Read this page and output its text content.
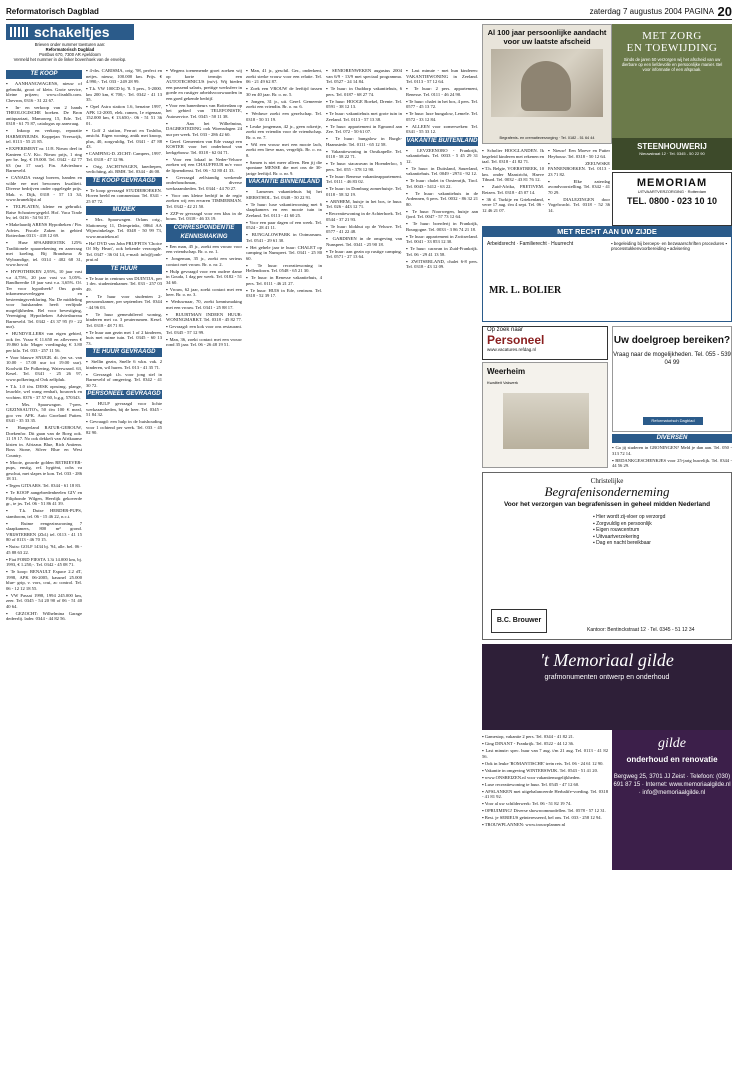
Reformatorisch Dagblad	zaterdag 7 augustus 2004 PAGINA 20
schakeltjes
Brieven onder nummer toesturen aan:
Reformatorisch Dagblad
Postbus 670, 7300 AR Apeldoorn
Vermeld het nummer in de linker bovenhoek van de envelop.
TE KOOP

▪ AANHANGWAGENS, nieuw of gebruikt, groot of klein. Grote service, kleine prijzen; www.clisnhlb.com. Chevron, 0316 - 31 22 67.

▪ In- en verkoop van 2 hands THEOLOGISCHE boeken. De Bron antiquariaat, Mamaweg 15, Ede. Tel. 0318 - 61 75 87, catalogus op aanvraag.

▪ Inkoop en verkoop, reparatie HARMONIUMS. Koppejan Vreeswijk, tel. 0113 - 55 21 85.

▪ EXPERIMENT nr. 11/8. Nieuw deel in Kanteen C.V. Ktc. Nieuw prijs, 1 ring per be. Ing. € 19.000. Tel. 0342 - 42 77 63 (na 17 uur). Fin. Adviesburo Barneveld.

▪ CANADA vraagt boeren, handen en wilde ere met bewoners kwaliteit. Diverse bedrijven onder opgelegde prijs. Mak. v. Dijk, 0318 - 57 13 34, www.bruneklijst.nl

▪ TELPLATEN, kleine en gebruikt. Raise Schouten-gegeld. Hof. Vaca Trade bv, tel. 0416 - 54 94 37.

▪ Makelaardij ARENS Hypotheken / Fin. Advies. Fiscale Zaken in gebied Rotterdam 0313 - 418 12 69.

▪ Huse SPAARBESTEK 125% Traditionele spaarrekening en aanvraag met koeling. Bij Brandsma & Wybrandige, tel. 0314 - 402 68 31, www.bov.nl

▪ HYPOTHEKEN 2,95%, 10 jaar vast v.a 4,75%, 20 jaar vast v.a 5,05%. Bandbreedte 10 jaar vast v.a. 3,65%. Of. Ter voor hypotheek? Ons gratis inkomensoverleggen en besteeningsverklaring. Nu: De middeling voor huiskanden heeft verlijnde mogelijkheden. Bel voor bevestiging, Vereniging Hypotheken Adviesbureau Barneveld. Tel. 0342 - 43 37 95 (9 - 22 uur).

▪ HUNDVILLERS van eigen gebied, ook fer. Vraar € 11.650 en afleveren € 19.860 kilo Mager voedingskg € 3.80 per kilo. Tel. 033 - 257 11 56.

▪ Voor blauwe SNIJGR. di. (en va. van 10.00 - 17.00 uur tot 19.00 uur). Koolwitt De Polkering, Waterwaard. 63, Kesel. Tel. 0341 - 25 26 97, www.polkering.nl Ook zelfpluk.

▪ T.k. 1.0 t/m. DESK opruimg. plange, leuwhle, wel wang eenhaft, bouwerk en vochten. 0376 - 37 57 60, b.g.g. 570343.

▪ Mrs. Spaarwagon. 7-pers. GEZINSAUTO's, 50 t/m 100 € meal, goo ver. APK. Auto Groeland Putten. 0341 - 35 33 35.

▪ Hangerland RATUR-GEBOUW, Doekenfor. Dit gaan van de Boeg ook. 11 19 17. No ook dekkeft van Afrikaanse kisten in. Afrizaus Blue, Rich Antienn. Boss Stone, Silver Blue en West Country.

▪ Mooie, gouwde golden RETRIEVER-pups, enstig, ref. hygiënt, ochs va geschut, met slapes te kon. Tel. 033 - 286 18 31.

▪ Tegen GITAARS. Tel. 0344 - 61 18 83.

▪ Te KOOP aangebredenbeelen GIV en Filiphonde Wilgen, Heerlijk gekoverde gr., te jrs. Tel. 06 - 51 86 41 39.

▪ T.k. Dutse HERDER-PUPS, stamboom, tel. 06 - 15 46 22, n.c.t.

▪ Ruime eengezinswoning 7 slaapkamers, 800 m² grond. VRIJSTERREN (Zld.) tel. 0113 - 41 15 80 of 0113 - 46 70 15.

▪ Nutsc GOLF 1434 bj. '94, alle. bel. 06 - 45 88 63 22.

▪ Fiat FORD FIESTA 1.3i 14.000 km, bj. 1993, € 1.250,-. Tel. 0342 - 45 08 71.

▪ Te koop: RENAULT Espace 2.2 dT, 1998, APK 06-2005, kasunel 25.000 blue- grip, v. vors, crui, ac control. Tel. 06 - 12 12 18 55.

▪ VW Passat 1998, 1994 245.000 km, zeer. Tel. 0345 - 54 20 90 of 06 - 51 40 40 64.

▪ GEZOCHT: Wilhelmina Garage dedeerlij. lader. 0344 - 44 82 56.

▪ 4-drs. CARISMA, orig. '98, perfect en netjes. nieuw, 100.000 km. Prijs. € 4.990,-. Tel. 033 - 249 28 99.

▪ T.k. VW 100CD bj. '8. 5 pers., 5-2000. km 200 km, € 700,-. Tel. 0342 - 41 13 35.

▪ Opel Astra station 1.6, benzine 1997, APK 12-2005, elek. ramen, 1e eigenaar, 152.000 km, € 13.650,-. 06 - 51 51 36 01.

▪ Golf 2 station, Ferrari en Toshiba, ansicht. Eigen woning, antik met knoop, plus, 40, zorgvuldig. Tel. 0341 - 47 88 43.

▪ CAMPING-D. ZICHT: Campers, 1997. Tel. 0318 - 47 12 96.

▪ Orig. JACHTWAGEN, knedrepen, verlichting, alt. BMH. Tel. 0344 - 46 00.

TE KOOP GEVRAAGD

▪ Te koop gevraagd STUDIEBOEKEN. Hoven beeld en commentaar. Tel. 0341 - 25 07 72.

MUZIEK

▪ Mrs. Spaarwagen. Orlans orig., Slattonweg 11, Driesprinks, 0864 AA Wijnwinkelage. Tel. 0348 - 50 99 73, www.muziekm.nl

▪ Ha! DVD van John PRUFFITS 'Choice Of My Heart', ook bekende verzorgde. Tel. 0347 - 36 04 14, e-mail: info@jonh-prui.nl

TE HUUR

▪ Te huur in centrum van DUINTJA, per 1 dec. studentenkamer. Tel. 033 - 257 03 49.

▪ Te huur voor studenten 2-persoonskamer, per september. Tel. 0344 - 44 96 03.

▪ Te huur gemeubileerd woning, kinderen met ca. 3 peuterrumen. Kesel. Tel. 0318 - 48 71 81.

▪ Te huur aan gezin met 1 of 2 kinderen, huis met ruime tuin. Tel. 0345 - 60 13 73.

TE HUUR GEVRAAGD

▪ Stellin gezin, Snelle 6 wkn. vak. 2 kinderen, wil huren. Tel. 013 - 41 35 71.

▪ Gevraagd: t.h. voor jong stel in Barneveld of omgeving. Tel. 0342 - 41 30 72.

PERSONEEL GEVRAAGD

▪ HULP gevraagd voor lichte werkzaamheden, bij de heer. Tel. 0345 - 51 84 32.

▪ Gevraagd: een hulp in de huishouding voor 1 ochtend per week. Tel. 033 - 45 82 90.

▪ Wegens toenemende groei zoeken wij op korte termijn een AUTOTECHNICUS (m/v). Wij bieden een passend salaris, prettige werksfeer in goede en rustiger arbeidsvoorwaarden in een goed gekende bedrijf.

▪ Voor een banenbeurs van Rotterdam op het gebied van TELEFONISTE, Autoservice. Tel. 0345 - 50 11 38.

▪ Aan het Wilhelmina, DAGBESTEDING ook Woensdagen 24 uur per week. Tel. 033 - 286 42 60.

▪ Geref. Gemeenten van Ede vraagt een KOSTER voor het onderhoud van kerkgebouw. Tel. 0318 - 62 04 71.

▪ Voor een lokaal in Neder-Veluwe zoeken wij een CHAUFFEUR m/v voor de lijnendienst. Tel. 06 - 52 80 41 33.

▪ Gevraagd zelfstandig werkende onderhoudsman, diverse werkzaamheden. Tel. 0344 - 44 70 27.

▪ Voor ons kleine bedrijf in de regio zoeken wij een ervaren TIMMERMAN. Tel. 0342 - 42 21 50.

▪ ZZP-er gevraagd voor een klus in de bouw. Tel. 0318 - 46 33 19.

CORRESPONDENTIE KENNISMAKING

▪ Een man, 45 jr., zoekt een vrouw voor een vriendschap. Br. o. nr. 1.

▪ Jongeman, 35 jr., zoekt een serieus contact met vrouw. Br. o. nr. 2.

▪ Hulp gevraagd voor een oudere dame in Gouda, 1 dag per week. Tel. 0182 - 51 34 60.

▪ Vrouw, 62 jaar, zoekt contact met een heer. Br. o. nr. 3.

▪ Weduwnaar, 70, zoekt kennismaking met een vrouw. Tel. 0341 - 25 88 17.

▪ BUURTMAN INDEEN HUUR: WONINGMARKT. Tel. 0318 - 45 82 77.

▪ Gevraagd: een kok voor ons restaurant. Tel. 0345 - 57 12 99.

▪ Man, 36, zoekt contact met een vrouw rond 35 jaar. Tel. 06 - 26 48 19 51.

▪ Man, 41 jr., geschil. Ger., onderkent, zoekt sterke vrouw voor een relatie. Tel. 06 - 21 49 62 87.

▪ Zoek een VROUW de leeftijd tussen 30 en 40 jaar. Br. o. nr. 5.

▪ Jongen, 31 jr., uit. Geref. Gemeente zoekt een vriendin. Br. o. nr. 6.

▪ Weduwe zoekt een gezelschap. Tel. 0318 - 50 31 19.

▪ Leuke jongeman, 42 jr., geen rokertje, zoekt een vriendin voor de vriendschap. Br. o. nr. 7.

▪ Wil een vrouw met een mooie lach, zoekt een lieve man, vergelijk. Br. o. nr. 8.

▪ Samen is niet meer alleen. Ben jij die spontane MENSE die met ons de 30-jarige leeftijd. Br. o. nr. 9.

VAKANTIE BINNENLAND

▪ Lansenes vakantiehuis bij het SIERSTHOL. Tel. 0348 - 50 22 91.

▪ Te huur: luxe vakantiewoning met 6 slaapkamers en een mooie tuin in Zeeland. Tel. 0113 - 41 60 25.

▪ Voor een paar dagen of een week. Tel. 0524 - 28 41 11.

▪ BUNGALOWPARK in Ootmarsum. Tel. 0541 - 29 61 30.

▪ Het gehele jaar te huur: CHALET op camping in Nunspeet. Tel. 0341 - 25 80 60.

▪ Te huur: recreatiewoning in Hellendoorn. Tel. 0548 - 65 21 30.

▪ Te huur: in Renesse vakantiehuis, 4 pers. Tel. 0111 - 46 21 27.

▪ Te huur: HUIS in Ede, centrum. Tel. 0318 - 52 39 17.

▪ SENIORENWEKEN augustus 2004 van 6/9 - 13/9 met speciaal programma. Tel. 0527 - 24 14 84.

▪ Te huur: in Ouddorp vakantiehuis, 6 pers. Tel. 0187 - 68 27 74.

▪ Te huur: HOOGE Boekel, Drente. Tel. 0591 - 38 12 13.

▪ Te huur: vakantiehuis met grote tuin in Zeeland. Tel. 0113 - 57 13 38.

▪ Te huur: appartement in Egmond aan Zee. Tel. 072 - 50 61 07.

▪ Te huur: bungalow in Burgh-Haamstede. Tel. 0111 - 65 12 58.

▪ Vakantiewoning in Oostkapelle. Tel. 0118 - 58 22 71.

▪ Te huur: stacaravan in Hoenderloo, 5 pers. Tel. 055 - 378 12 90.

▪ Te huur: Renesse vakantieappartement. Tel. 0111 - 46 83 02.

▪ Te huur: in Domburg zomerhuisje. Tel. 0118 - 58 32 19.

▪ ARNHEM, huisje in het bos, te huur. Tel. 026 - 443 12 71.

▪ Recreatiewoning in de Achterhoek. Tel. 0544 - 37 21 93.

▪ Te huur: blokhut op de Veluwe. Tel. 0577 - 41 22 48.

▪ GARDINEN in de omgeving van Nunspeet. Tel. 0341 - 25 90 18.

▪ Te huur: aan gezin op rustige camping. Tel. 0571 - 27 13 64.

▪ Last minute - met hun kinderen: VAKANTIEWONING in Zeeland. Tel. 0113 - 57 12 64.

▪ Te huur: 2 pers. appartement, Renesse. Tel. 0111 - 46 24 90.

▪ Te huur: chalet in het bos, 4 pers. Tel. 0577 - 45 13 72.

▪ Te huur: luxe bungalow, Lemele. Tel. 0572 - 33 12 84.

▪ ALLEEN voor zomerweken: Tel. 0341 - 55 33 12.

VAKANTIE BUITENLAND

▪ LEVZEENORO - Frankrijk, vakantiehuis. Tel. 0033 - 5 45 29 31 12.

▪ Te huur: in Duitsland, Sauerland, vakantiehuis. Tel. 0049 - 2974 - 92 12.

▪ Te huur: chalet in Oostenrijk, Tirol. Tel. 0043 - 5412 - 63 22.

▪ Te huur: vakantiehuis in de Ardennen, 6 pers. Tel. 0032 - 86 32 21 80.

▪ Te huur: Noorwegen, huisje aan fjord. Tel. 0047 - 57 73 12 64.

▪ Te huur: boerderij in Frankrijk, Bourgogne. Tel. 0033 - 3 86 74 21 18.

▪ Te huur: appartement in Zwitserland. Tel. 0041 - 33 853 12 30.

▪ Te huur: caravan in Zuid-Frankrijk. Tel. 06 - 29 41 13 58.

▪ ZWITSERLAND, chalet 6-8 pers. Tel. 0318 - 43 12 09.

▪ Scholier HOOGLANDEN. Ik begeleid kinderen met rekenen en taal. Tel. 0318 - 41 82 71.

▪ T.h. Belgie, VOERSTREEK, 10 km. onder Maastricht, Haeve Tiburd. Tel. 0032 - 43 81 76 12.

▪ Zuid-Afrika, FRETIVEM. Reizen. Tel. 0318 - 45 07 14.

▪ 36 d. Turkije en Griekenland, verre 17 aug. t/m 4 sept. Tel. 06 - 12 46 21 07.

▪ Nieuw! Een Moeve en Putter Heybouw. Tel. 0318 - 50 12 64.

▪ ZEEUWSKE PANNENBOEKEN. Tel. 0113 - 23 71 82.

▪ Elke zaterdag avondvoorstelling. Tel. 0342 - 41 70 29.

▪ DIALEZINGEN door Vogelwacht. Tel. 0318 - 52 36 14.

DIVERSEN

▪ Ga jij studeren in GRONINGEN? Meld je dan aan. Tel. 050 - 313 72 14.

▪ BEDANKGESCHENKJES voor 25-jarig huwelijk. Tel. 0344 - 44 56 29.

▪ Gamestop, vakantie 2 pers. Tel. 0344 - 41 82 21.

▪ Ging DINANT - Frankrijk. Tel. 0522 - 44 12 36.

▪ Last minute: spec. huur van 7 aug. t/m 21 aug. Tel. 0113 - 41 82 56.

▪ Ook in leuke 'ROMANTISCHE' trein reis. Tel. 06 - 24 61 12 90.

▪ Vakantie in omgeving WINTERSWIJK. Tel. 0543 - 51 41 20.

▪ www.ONSREIZEN.nl voor vakantiemogelijkheden.

▪ Luxe recreatiewoning te huur. Tel. 0545 - 47 12 60.

▪ AFSLANKEN met uitgebalanceerde Herbalife-voeding. Tel. 0318 - 41 81 92.

▪ Voor al uw schilderwerk: Tel. 06 - 51 82 19 74.

▪ OPRUIMING! Diverse showroommodellen. Tel. 0578 - 57 12 31.

▪ Best. je SERIEUS geïnteresseerd, bel ons. Tel. 033 - 258 12 94.

▪ TROUWPLANNEN: www.trouwplanner.nl

Al 100 jaar persoonlijke aandacht voor uw laatste afscheid
Begrafenis- en crematieverzorging · Tel. 0182 - 51 64 44
MET ZORG
EN TOEWIJDING
Sinds de jaren 50 verzorgen wij het afscheid van uw dierbare op een liefdevolle en persoonlijke manier. Bel voor informatie of een afspraak.
STEENHOUWERIJ
Nieuwstraat 12 · Tel. 0345 - 50 22 90
MEMORIAM
UITVAARTVERZORGING · Rotterdam
TEL. 0800 - 023 10 10
MET RECHT AAN UW ZIJDE
Arbeidsrecht · Familierecht · Huurrecht
MR. L. BOLIER
▪ begeleiding bij beroeps- en bezwaarschriften procedures ▪ processtukkenvoorbereiding ▪ advisering
Op zoek naar
Personeel
www.vacatures.refdag.nl
Weerheim
Kwaliteit Vakwerk
Uw doelgroep bereiken?
Vraag naar de mogelijkheden. Tel. 055 - 539 04 99
Reformatorisch Dagblad
Christelijke
Begrafenisonderneming
Voor het verzorgen van begrafenissen in geheel midden Nederland
▪ Hier wordt zij-vloer op verzorgd
▪ Zorgvuldig en persoonlijk
▪ Eigen rouwcentrum
▪ Uitvaartverzekering
▪ Dag en nacht bereikbaar
B.C. Brouwer
Kantoor: Bentinckstraat 12 · Tel. 0345 - 51 12 34
't Memoriaal gilde
grafmonumenten ontwerp en onderhoud
gilde
onderhoud en renovatie
Bergweg 25, 3701 JJ Zeist · Telefoon: (030) 691 87 15 · Internet: www.memoriaalgilde.nl · info@memoriaalgilde.nl
